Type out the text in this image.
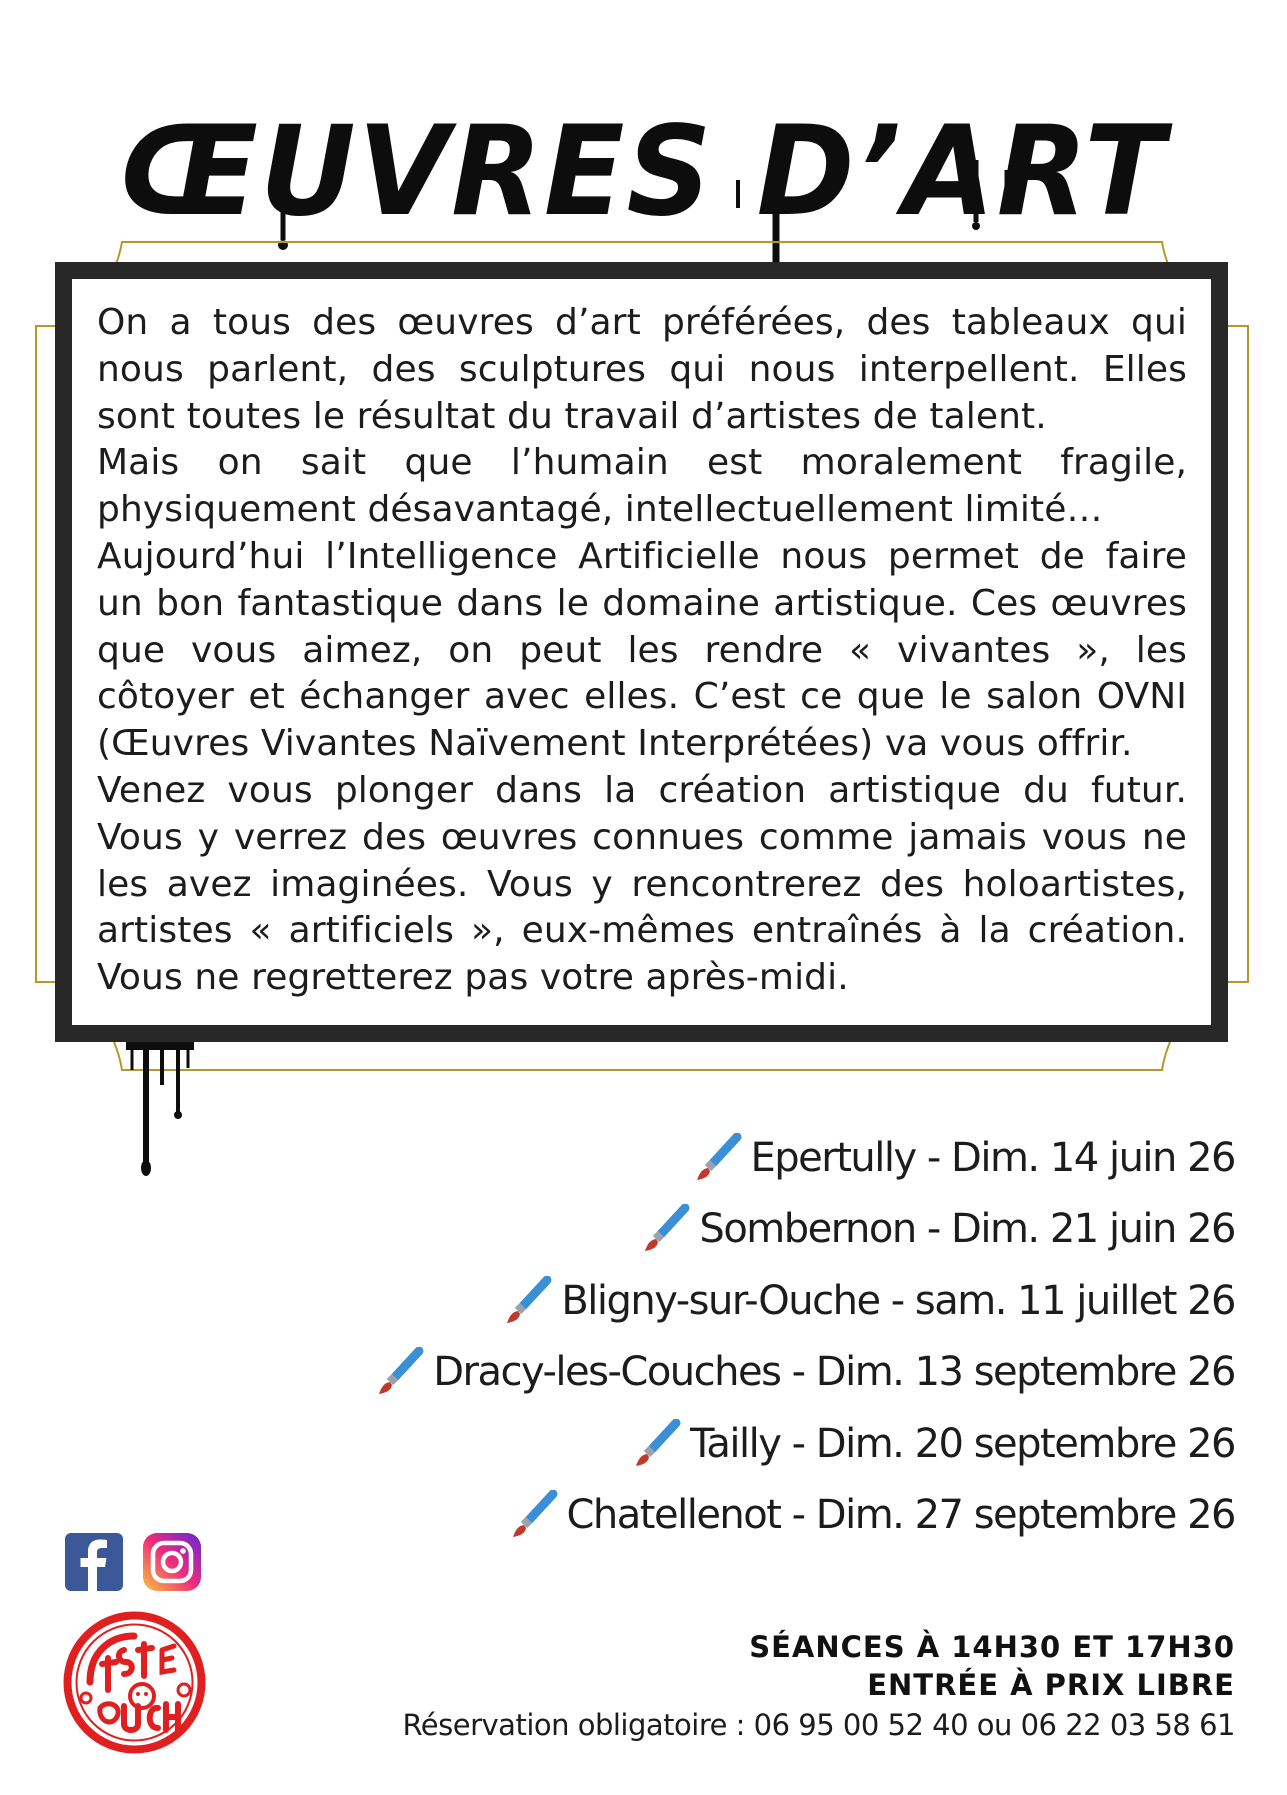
ŒUVRES D’ART

On a tous des œuvres d’art préférées, des tableaux qui nous parlent, des sculptures qui nous interpellent. Elles sont toutes le résultat du travail d’artistes de talent.

Mais on sait que l’humain est moralement fragile, physiquement désavantagé, intellectuellement limité…

Aujourd’hui l’Intelligence Artificielle nous permet de faire un bon fantastique dans le domaine artistique. Ces œuvres que vous aimez, on peut les rendre « vivantes », les côtoyer et échanger avec elles. C’est ce que le salon OVNI (Œuvres Vivantes Naïvement Interprétées) va vous offrir.

Venez vous plonger dans la création artistique du futur. Vous y verrez des œuvres connues comme jamais vous ne les avez imaginées. Vous y rencontrerez des holoartistes, artistes « artificiels », eux-mêmes entraînés à la création. Vous ne regretterez pas votre après-midi.

Epertully - Dim. 14 juin 26
Sombernon - Dim. 21 juin 26
Bligny-sur-Ouche - sam. 11 juillet 26
Dracy-les-Couches - Dim. 13 septembre 26
Tailly - Dim. 20 septembre 26
Chatellenot - Dim. 27 septembre 26
SÉANCES À 14H30 ET 17H30
ENTRÉE À PRIX LIBRE
Réservation obligatoire : 06 95 00 52 40 ou 06 22 03 58 61
